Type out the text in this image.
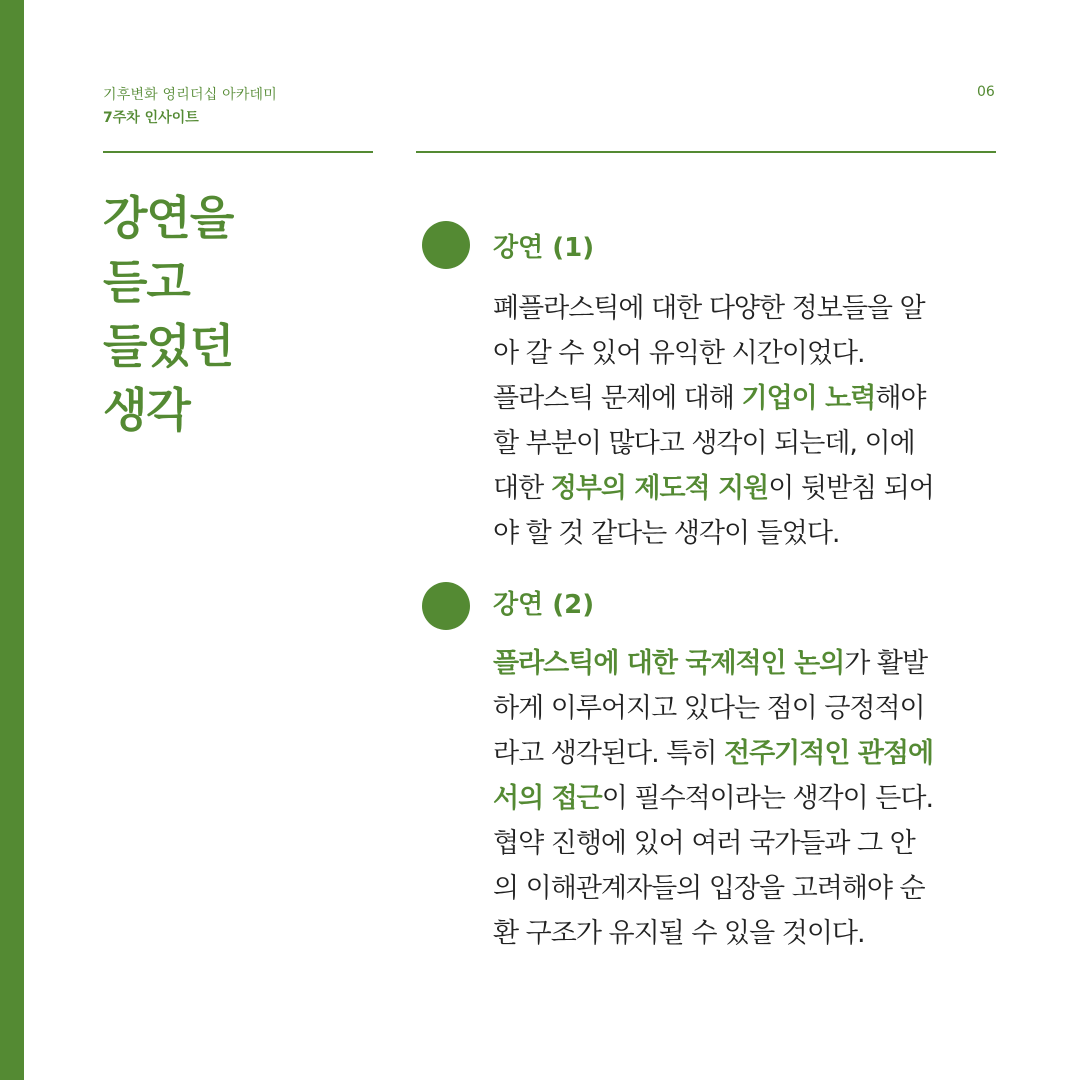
기후변화 영리더십 아카데미
7주차 인사이트
06
강연을
듣고
들었던
생각
강연 (1)
폐플라스틱에 대한 다양한 정보들을 알
아 갈 수 있어 유익한 시간이었다.
플라스틱 문제에 대해 기업이 노력해야
할 부분이 많다고 생각이 되는데, 이에
대한 정부의 제도적 지원이 뒷받침 되어
야 할 것 같다는 생각이 들었다.
강연 (2)
플라스틱에 대한 국제적인 논의가 활발
하게 이루어지고 있다는 점이 긍정적이
라고 생각된다. 특히 전주기적인 관점에
서의 접근이 필수적이라는 생각이 든다.
협약 진행에 있어 여러 국가들과 그 안
의 이해관계자들의 입장을 고려해야 순
환 구조가 유지될 수 있을 것이다.
